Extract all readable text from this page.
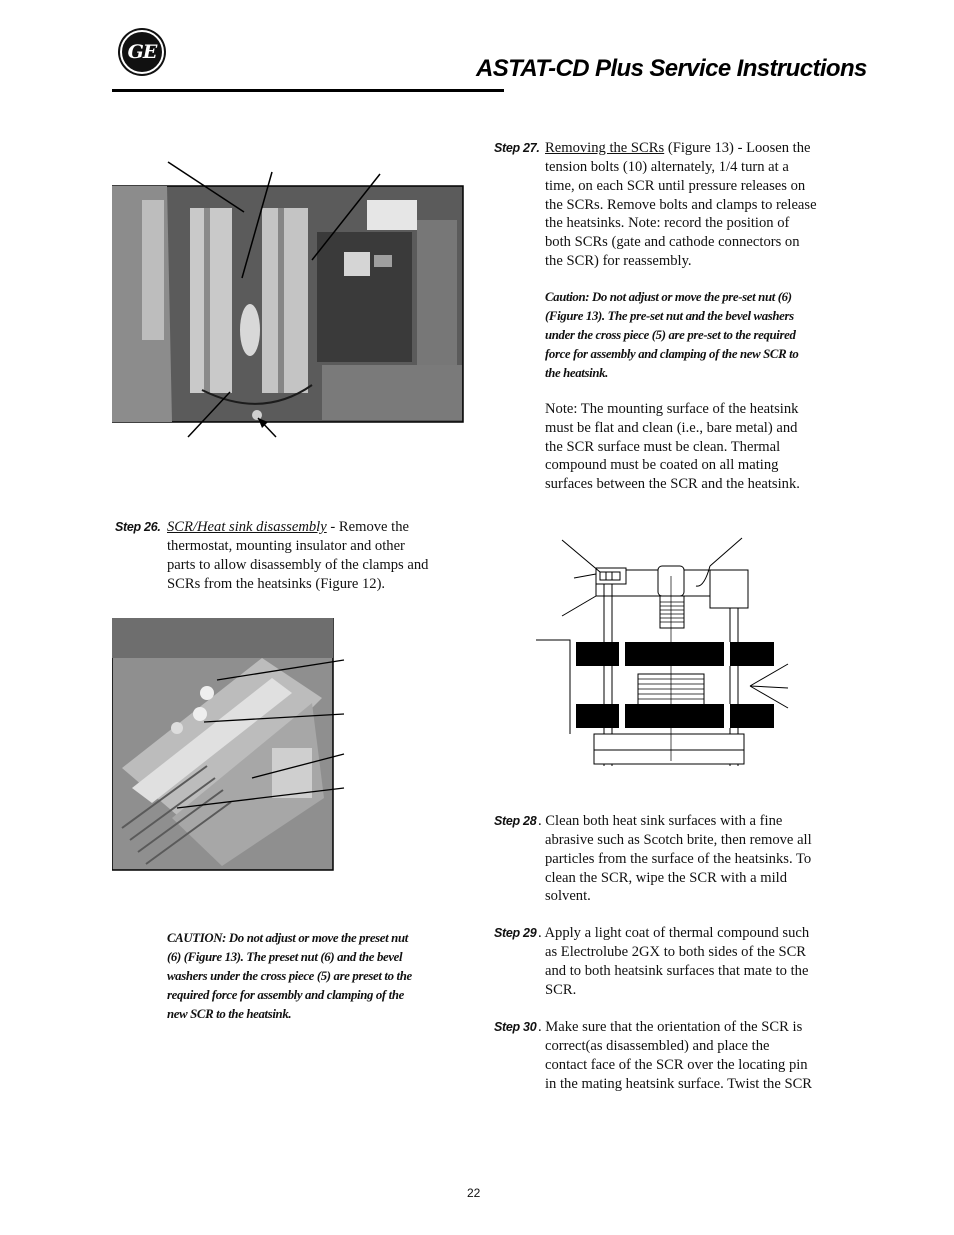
GE
ASTAT-CD Plus Service Instructions
Step 26. SCR/Heat sink disassembly - Remove the
thermostat, mounting insulator and other
parts to allow disassembly of the clamps and
SCRs from the heatsinks (Figure 12).
CAUTION: Do not adjust or move the preset nut
(6) (Figure 13). The preset nut (6) and the bevel
washers under the cross piece (5) are preset to the
required force for assembly and clamping of the
new SCR to the heatsink.
Step 27. Removing the SCRs (Figure 13) - Loosen the
tension bolts (10) alternately, 1/4 turn at a
time, on each SCR until pressure releases on
the SCRs. Remove bolts and clamps to release
the heatsinks. Note: record the position of
both SCRs (gate and cathode connectors on
the SCR) for reassembly.
Caution: Do not adjust or move the pre-set nut (6)
(Figure 13). The pre-set nut and the bevel washers
under the cross piece (5) are pre-set to the required
force for assembly and clamping of the new SCR to
the heatsink.
Note: The mounting surface of the heatsink
must be flat and clean (i.e., bare metal) and
the SCR surface must be clean. Thermal
compound must be coated on all mating
surfaces between the SCR and the heatsink.
Step 28 . Clean both heat sink surfaces with a fine
abrasive such as Scotch brite, then remove all
particles from the surface of the heatsinks. To
clean the SCR, wipe the SCR with a mild
solvent.
Step 29 . Apply a light coat of thermal compound such
as Electrolube 2GX to both sides of the SCR
and to both heatsink surfaces that mate to the
SCR.
Step 30 . Make sure that the orientation of the SCR is
correct(as disassembled) and place the
contact face of the SCR over the locating pin
in the mating heatsink surface. Twist the SCR
22
